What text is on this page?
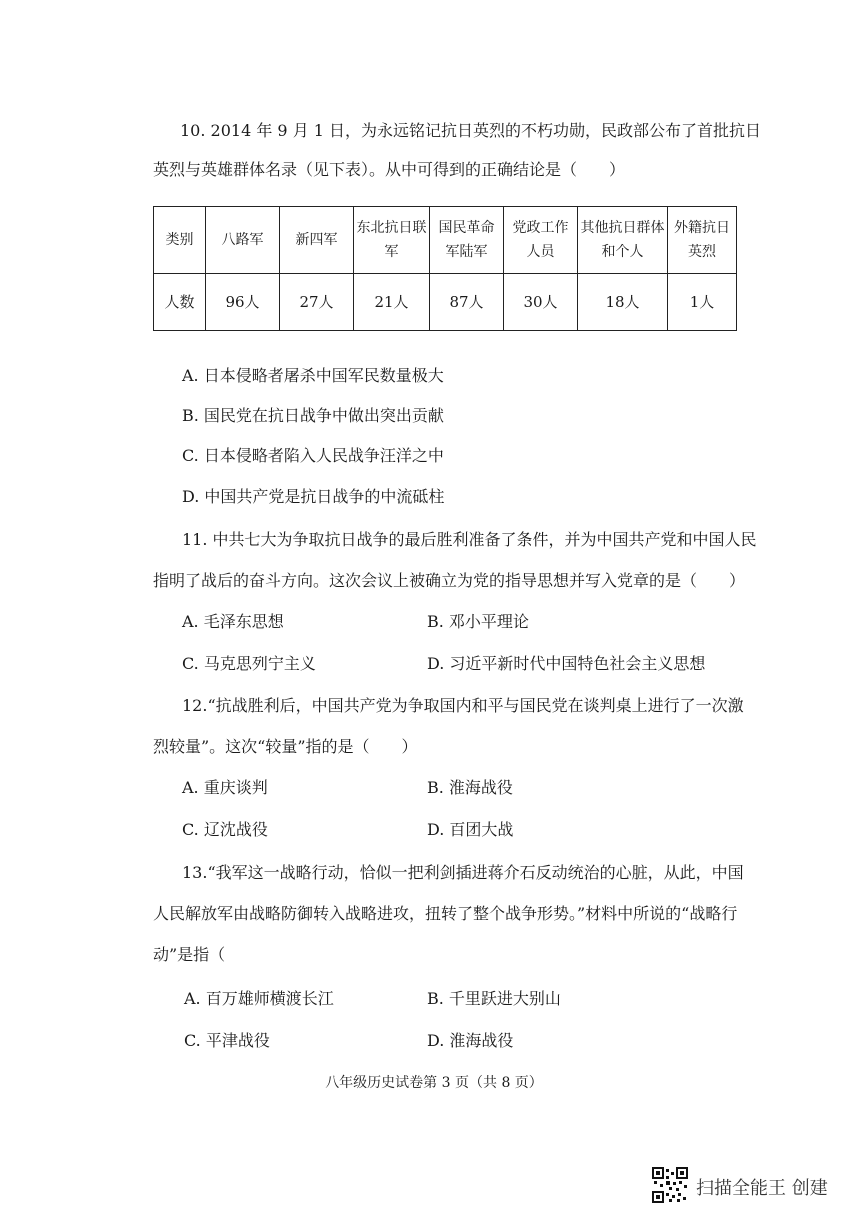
10. 2014 年 9 月 1 日，为永远铭记抗日英烈的不朽功勋，民政部公布了首批抗日
英烈与英雄群体名录（见下表）。从中可得到的正确结论是（　　）
类别	八路军	新四军	东北抗日联军	国民革命军陆军	党政工作人员	其他抗日群体和个人	外籍抗日英烈
人数	96人	27人	21人	87人	30人	18人	1人
A. 日本侵略者屠杀中国军民数量极大
B. 国民党在抗日战争中做出突出贡献
C. 日本侵略者陷入人民战争汪洋之中
D. 中国共产党是抗日战争的中流砥柱
11. 中共七大为争取抗日战争的最后胜利准备了条件，并为中国共产党和中国人民
指明了战后的奋斗方向。这次会议上被确立为党的指导思想并写入党章的是（　　）
A. 毛泽东思想	B. 邓小平理论
C. 马克思列宁主义	D. 习近平新时代中国特色社会主义思想
12.“抗战胜利后，中国共产党为争取国内和平与国民党在谈判桌上进行了一次激
烈较量”。这次“较量”指的是（　　）
A. 重庆谈判	B. 淮海战役
C. 辽沈战役	D. 百团大战
13.“我军这一战略行动，恰似一把利剑插进蒋介石反动统治的心脏，从此，中国
人民解放军由战略防御转入战略进攻，扭转了整个战争形势。”材料中所说的“战略行
动”是指（
A. 百万雄师横渡长江	B. 千里跃进大别山
C. 平津战役	D. 淮海战役
八年级历史试卷第 3 页（共 8 页）
扫描全能王 创建
